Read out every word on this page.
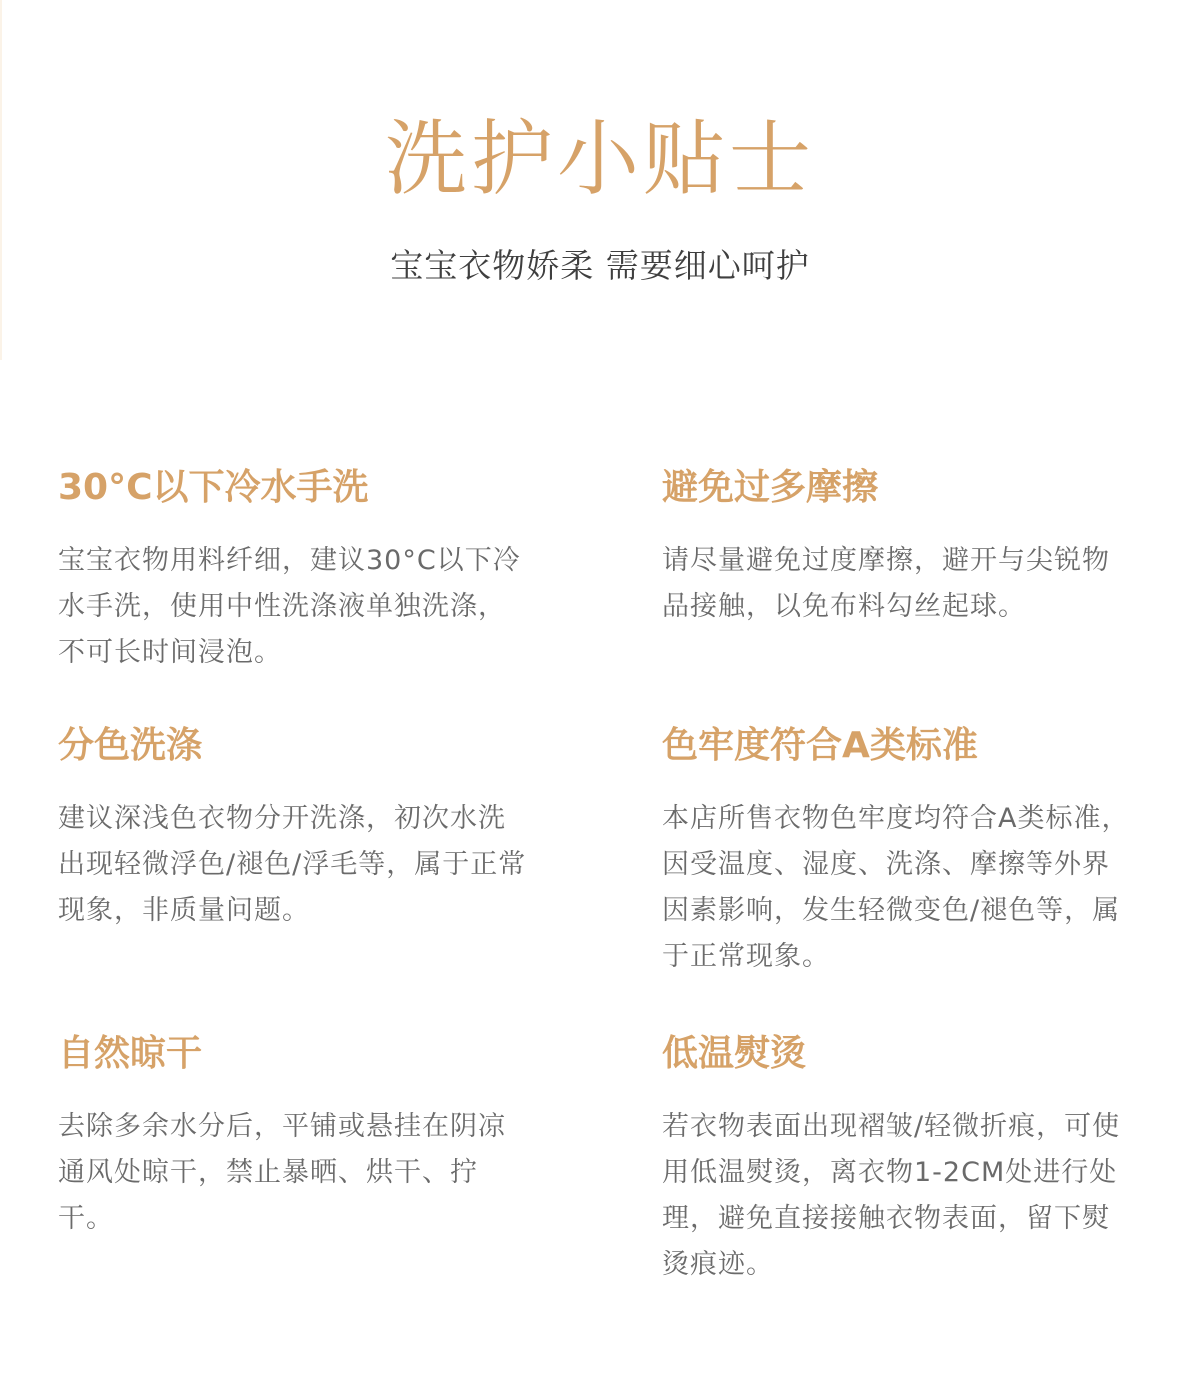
洗护小贴士
宝宝衣物娇柔 需要细心呵护
30°C以下冷水手洗
宝宝衣物用料纤细，建议30°C以下冷水手洗，使用中性洗涤液单独洗涤，不可长时间浸泡。
避免过多摩擦
请尽量避免过度摩擦，避开与尖锐物品接触，以免布料勾丝起球。
分色洗涤
建议深浅色衣物分开洗涤，初次水洗出现轻微浮色/褪色/浮毛等，属于正常现象，非质量问题。
色牢度符合A类标准
本店所售衣物色牢度均符合A类标准，因受温度、湿度、洗涤、摩擦等外界因素影响，发生轻微变色/褪色等，属于正常现象。
自然晾干
去除多余水分后，平铺或悬挂在阴凉通风处晾干，禁止暴晒、烘干、拧干。
低温熨烫
若衣物表面出现褶皱/轻微折痕，可使用低温熨烫，离衣物1-2CM处进行处理，避免直接接触衣物表面，留下熨烫痕迹。
